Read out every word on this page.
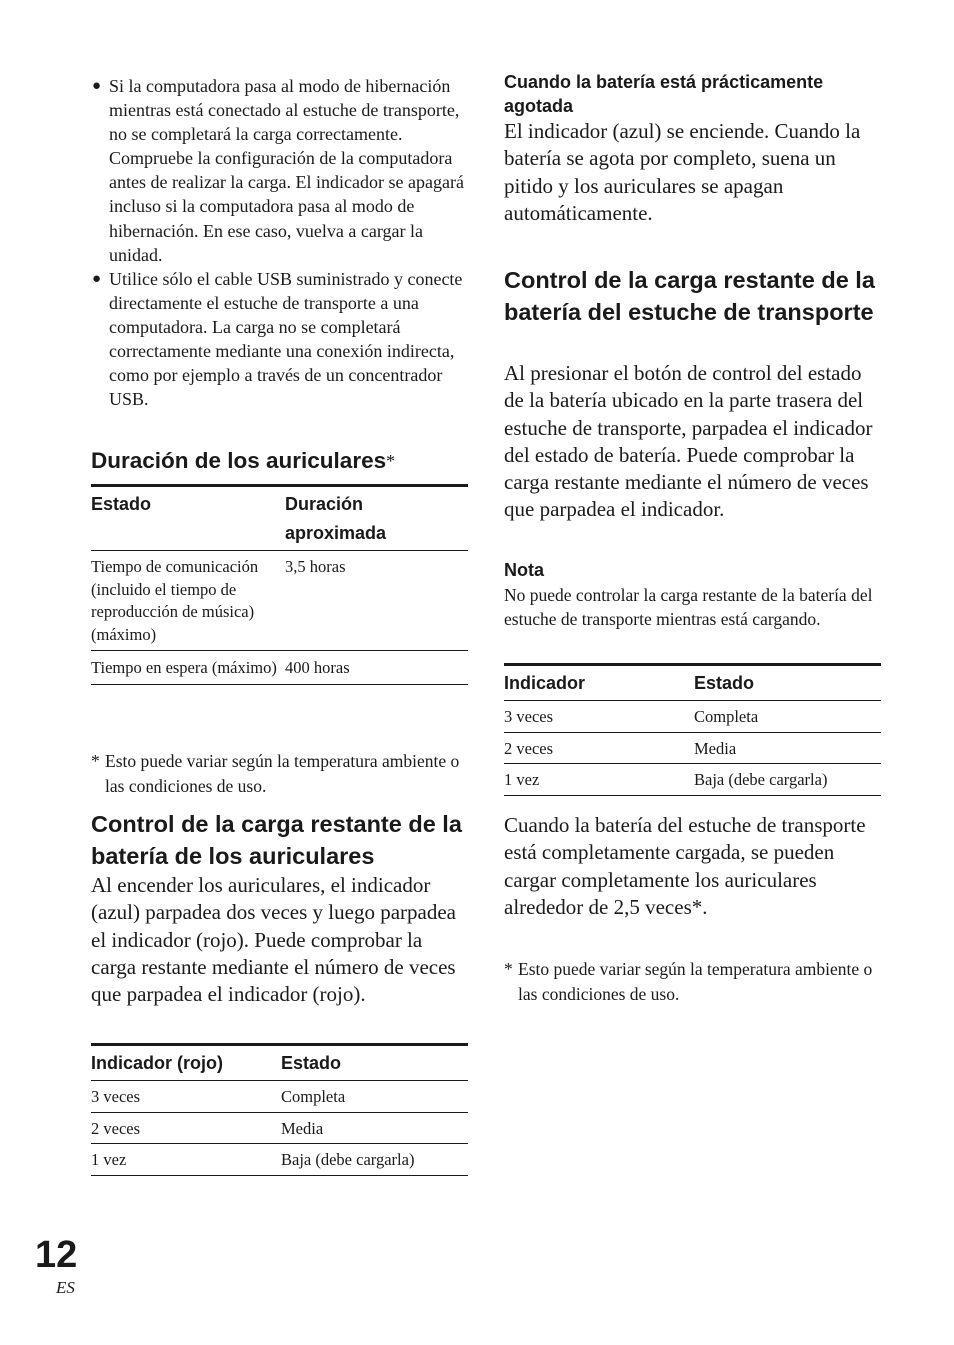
● Si la computadora pasa al modo de hibernación mientras está conectado al estuche de transporte, no se completará la carga correctamente. Compruebe la configuración de la computadora antes de realizar la carga. El indicador se apagará incluso si la computadora pasa al modo de hibernación. En ese caso, vuelva a cargar la unidad.
● Utilice sólo el cable USB suministrado y conecte directamente el estuche de transporte a una computadora. La carga no se completará correctamente mediante una conexión indirecta, como por ejemplo a través de un concentrador USB.
Duración de los auriculares*
Estado	Duración aproximada
Tiempo de comunicación (incluido el tiempo de reproducción de música) (máximo)	3,5 horas
Tiempo en espera (máximo)	400 horas
* Esto puede variar según la temperatura ambiente o las condiciones de uso.
Control de la carga restante de la batería de los auriculares
Al encender los auriculares, el indicador (azul) parpadea dos veces y luego parpadea el indicador (rojo). Puede comprobar la carga restante mediante el número de veces que parpadea el indicador (rojo).
Indicador (rojo)	Estado
3 veces	Completa
2 veces	Media
1 vez	Baja (debe cargarla)
Cuando la batería está prácticamente agotada
El indicador (azul) se enciende. Cuando la batería se agota por completo, suena un pitido y los auriculares se apagan automáticamente.
Control de la carga restante de la batería del estuche de transporte
Al presionar el botón de control del estado de la batería ubicado en la parte trasera del estuche de transporte, parpadea el indicador del estado de batería. Puede comprobar la carga restante mediante el número de veces que parpadea el indicador.
Nota
No puede controlar la carga restante de la batería del estuche de transporte mientras está cargando.
Indicador	Estado
3 veces	Completa
2 veces	Media
1 vez	Baja (debe cargarla)
Cuando la batería del estuche de transporte está completamente cargada, se pueden cargar completamente los auriculares alrededor de 2,5 veces*.
* Esto puede variar según la temperatura ambiente o las condiciones de uso.
12
ES
